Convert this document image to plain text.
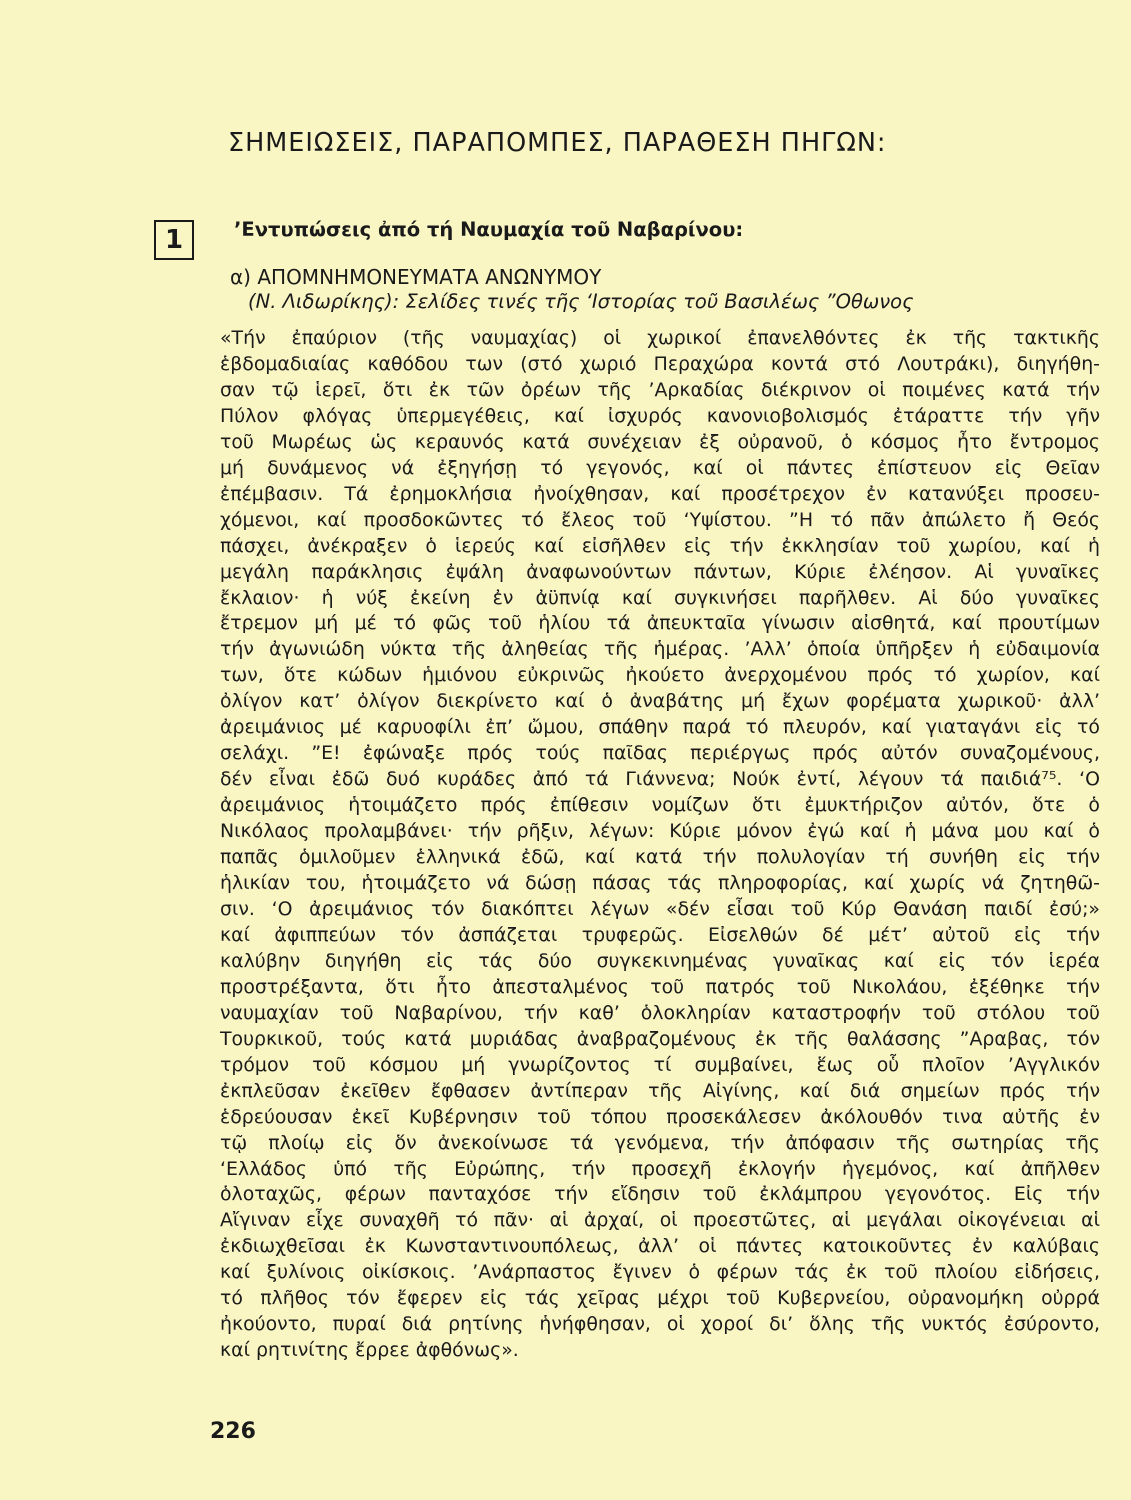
ΣΗΜΕΙΩΣΕΙΣ, ΠΑΡΑΠΟΜΠΕΣ, ΠΑΡΑΘΕΣΗ ΠΗΓΩΝ:
1	’Εντυπώσεις ἀπό τή Ναυμαχία τοῦ Ναβαρίνου:
α) ΑΠΟΜΝΗΜΟΝΕΥΜΑΤΑ ΑΝΩΝΥΜΟΥ
(Ν. Λιδωρίκης): Σελίδες τινές τῆς ‘Ιστορίας τοῦ Βασιλέως ”Οθωνος
«Τήν ἐπαύριον (τῆς ναυμαχίας) οἱ χωρικοί ἐπανελθόντες ἐκ τῆς τακτικῆς
ἑβδομαδιαίας καθόδου των (στό χωριό Περαχώρα κοντά στό Λουτράκι), διηγήθη-
σαν τῷ ἱερεῖ, ὅτι ἐκ τῶν ὀρέων τῆς ’Αρκαδίας διέκρινον οἱ ποιμένες κατά τήν
Πύλον φλόγας ὑπερμεγέθεις, καί ἰσχυρός κανονιοβολισμός ἐτάραττε τήν γῆν
τοῦ Μωρέως ὡς κεραυνός κατά συνέχειαν ἐξ οὐρανοῦ, ὁ κόσμος ἦτο ἔντρομος
μή δυνάμενος νά ἐξηγήσῃ τό γεγονός, καί οἱ πάντες ἐπίστευον εἰς Θεῖαν
ἐπέμβασιν. Τά ἐρημοκλήσια ἠνοίχθησαν, καί προσέτρεχον ἐν κατανύξει προσευ-
χόμενοι, καί προσδοκῶντες τό ἔλεος τοῦ ‘Υψίστου. ”Η τό πᾶν ἀπώλετο ἤ Θεός
πάσχει, ἀνέκραξεν ὁ ἱερεύς καί εἰσῆλθεν εἰς τήν ἐκκλησίαν τοῦ χωρίου, καί ἡ
μεγάλη παράκλησις ἐψάλη ἀναφωνούντων πάντων, Κύριε ἐλέησον. Αἱ γυναῖκες
ἔκλαιον· ἡ νύξ ἐκείνη ἐν ἀϋπνίᾳ καί συγκινήσει παρῆλθεν. Αἱ δύο γυναῖκες
ἔτρεμον μή μέ τό φῶς τοῦ ἡλίου τά ἀπευκταῖα γίνωσιν αἰσθητά, καί προυτίμων
τήν ἀγωνιώδη νύκτα τῆς ἀληθείας τῆς ἡμέρας. ’Αλλ’ ὁποία ὑπῆρξεν ἡ εὐδαιμονία
των, ὅτε κώδων ἡμιόνου εὐκρινῶς ἠκούετο ἀνερχομένου πρός τό χωρίον, καί
ὀλίγον κατ’ ὀλίγον διεκρίνετο καί ὁ ἀναβάτης μή ἔχων φορέματα χωρικοῦ· ἀλλ’
ἀρειμάνιος μέ καρυοφίλι ἐπ’ ὤμου, σπάθην παρά τό πλευρόν, καί γιαταγάνι εἰς τό
σελάχι. ”Ε! ἐφώναξε πρός τούς παῖδας περιέργως πρός αὐτόν συναζομένους,
δέν εἶναι ἐδῶ δυό κυράδες ἀπό τά Γιάννενα; Νούκ ἐντί, λέγουν τά παιδιά⁷⁵. ‘Ο
ἀρειμάνιος ἡτοιμάζετο πρός ἐπίθεσιν νομίζων ὅτι ἐμυκτήριζον αὐτόν, ὅτε ὁ
Νικόλαος προλαμβάνει· τήν ρῆξιν, λέγων: Κύριε μόνον ἐγώ καί ἡ μάνα μου καί ὁ
παπᾶς ὁμιλοῦμεν ἑλληνικά ἐδῶ, καί κατά τήν πολυλογίαν τή συνήθη εἰς τήν
ἡλικίαν του, ἡτοιμάζετο νά δώσῃ πάσας τάς πληροφορίας, καί χωρίς νά ζητηθῶ-
σιν. ‘Ο ἀρειμάνιος τόν διακόπτει λέγων «δέν εἶσαι τοῦ Κύρ Θανάση παιδί ἐσύ;»
καί ἀφιππεύων τόν ἀσπάζεται τρυφερῶς. Εἰσελθών δέ μέτ’ αὐτοῦ εἰς τήν
καλύβην διηγήθη εἰς τάς δύο συγκεκινημένας γυναῖκας καί εἰς τόν ἱερέα
προστρέξαντα, ὅτι ἦτο ἀπεσταλμένος τοῦ πατρός τοῦ Νικολάου, ἐξέθηκε τήν
ναυμαχίαν τοῦ Ναβαρίνου, τήν καθ’ ὁλοκληρίαν καταστροφήν τοῦ στόλου τοῦ
Τουρκικοῦ, τούς κατά μυριάδας ἀναβραζομένους ἐκ τῆς θαλάσσης ”Αραβας, τόν
τρόμον τοῦ κόσμου μή γνωρίζοντος τί συμβαίνει, ἕως οὗ πλοῖον ’Αγγλικόν
ἐκπλεῦσαν ἐκεῖθεν ἔφθασεν ἀντίπεραν τῆς Αἰγίνης, καί διά σημείων πρός τήν
ἑδρεύουσαν ἐκεῖ Κυβέρνησιν τοῦ τόπου προσεκάλεσεν ἀκόλουθόν τινα αὐτῆς ἐν
τῷ πλοίῳ εἰς ὅν ἀνεκοίνωσε τά γενόμενα, τήν ἀπόφασιν τῆς σωτηρίας τῆς
‘Ελλάδος ὑπό τῆς Εὐρώπης, τήν προσεχῆ ἐκλογήν ἡγεμόνος, καί ἀπῆλθεν
ὁλοταχῶς, φέρων πανταχόσε τήν εἴδησιν τοῦ ἐκλάμπρου γεγονότος. Εἰς τήν
Αἴγιναν εἶχε συναχθῆ τό πᾶν· αἱ ἀρχαί, οἱ προεστῶτες, αἱ μεγάλαι οἰκογένειαι αἱ
ἐκδιωχθεῖσαι ἐκ Κωνσταντινουπόλεως, ἀλλ’ οἱ πάντες κατοικοῦντες ἐν καλύβαις
καί ξυλίνοις οἰκίσκοις. ’Ανάρπαστος ἔγινεν ὁ φέρων τάς ἐκ τοῦ πλοίου εἰδήσεις,
τό πλῆθος τόν ἔφερεν εἰς τάς χεῖρας μέχρι τοῦ Κυβερνείου, οὐρανομήκη οὐρρά
ἠκούοντο, πυραί διά ρητίνης ἡνήφθησαν, οἱ χοροί δι’ ὅλης τῆς νυκτός ἐσύροντο,
καί ρητινίτης ἔρρεε ἀφθόνως».
226
